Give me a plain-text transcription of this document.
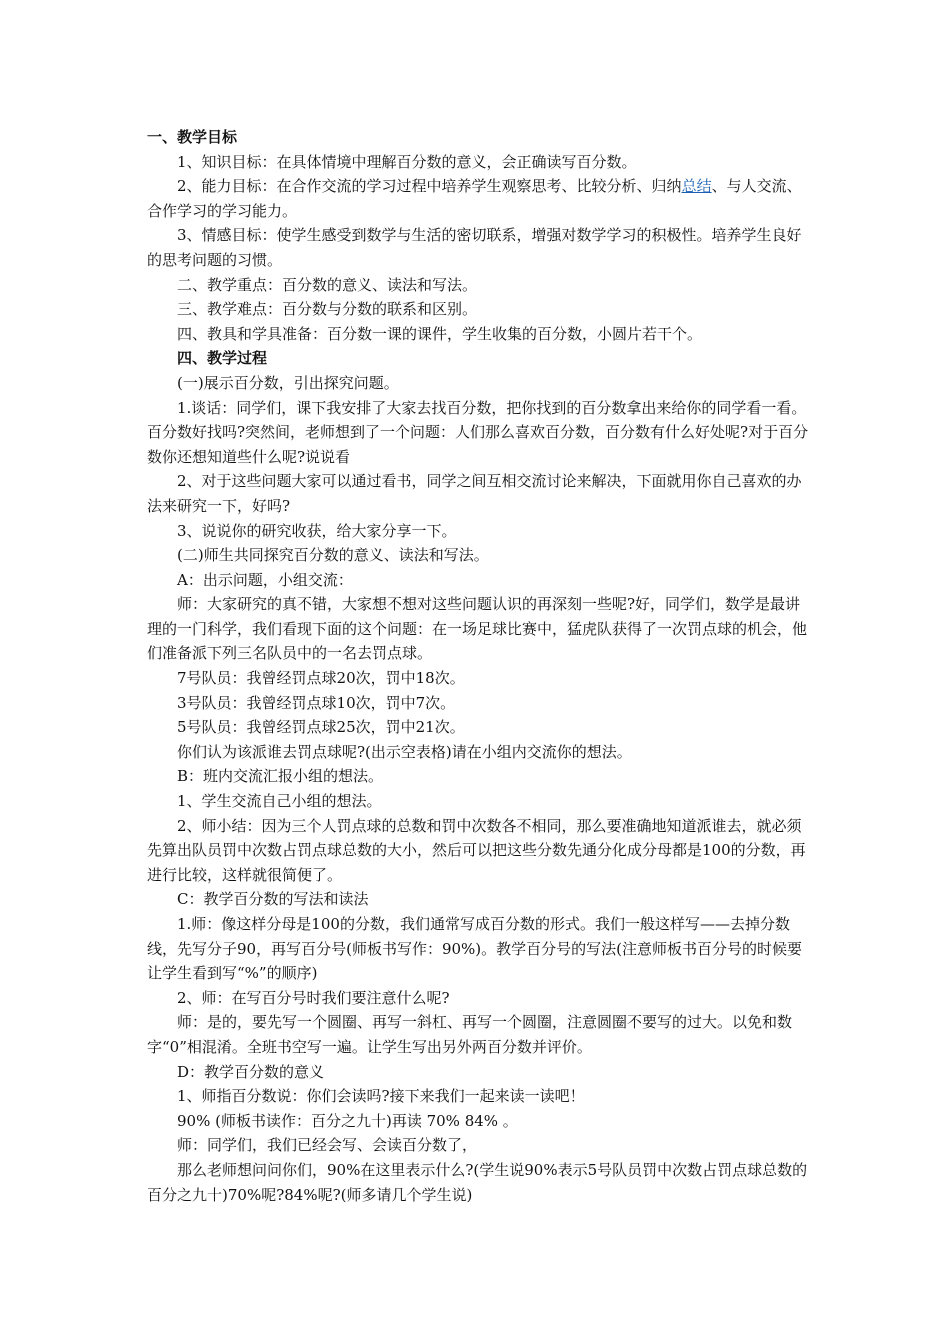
一、教学目标

1、知识目标：在具体情境中理解百分数的意义，会正确读写百分数。

2、能力目标：在合作交流的学习过程中培养学生观察思考、比较分析、归纳总结、与人交流、合作学习的学习能力。

3、情感目标：使学生感受到数学与生活的密切联系，增强对数学学习的积极性。培养学生良好的思考问题的习惯。

二、教学重点：百分数的意义、读法和写法。

三、教学难点：百分数与分数的联系和区别。

四、教具和学具准备：百分数一课的课件，学生收集的百分数，小圆片若干个。

四、教学过程

(一)展示百分数，引出探究问题。

1.谈话：同学们，课下我安排了大家去找百分数，把你找到的百分数拿出来给你的同学看一看。百分数好找吗?突然间，老师想到了一个问题：人们那么喜欢百分数，百分数有什么好处呢?对于百分数你还想知道些什么呢?说说看

2、对于这些问题大家可以通过看书，同学之间互相交流讨论来解决，下面就用你自己喜欢的办法来研究一下，好吗?

3、说说你的研究收获，给大家分享一下。

(二)师生共同探究百分数的意义、读法和写法。

A：出示问题，小组交流：

师：大家研究的真不错，大家想不想对这些问题认识的再深刻一些呢?好，同学们，数学是最讲理的一门科学，我们看现下面的这个问题：在一场足球比赛中，猛虎队获得了一次罚点球的机会，他们准备派下列三名队员中的一名去罚点球。

7号队员：我曾经罚点球20次，罚中18次。

3号队员：我曾经罚点球10次，罚中7次。

5号队员：我曾经罚点球25次，罚中21次。

你们认为该派谁去罚点球呢?(出示空表格)请在小组内交流你的想法。

B：班内交流汇报小组的想法。

1、学生交流自己小组的想法。

2、师小结：因为三个人罚点球的总数和罚中次数各不相同，那么要准确地知道派谁去，就必须先算出队员罚中次数占罚点球总数的大小，然后可以把这些分数先通分化成分母都是100的分数，再进行比较，这样就很简便了。

C：教学百分数的写法和读法

1.师：像这样分母是100的分数，我们通常写成百分数的形式。我们一般这样写——去掉分数线，先写分子90，再写百分号(师板书写作：90%)。教学百分号的写法(注意师板书百分号的时候要让学生看到写“%”的顺序)

2、师：在写百分号时我们要注意什么呢?

师：是的，要先写一个圆圈、再写一斜杠、再写一个圆圈，注意圆圈不要写的过大。以免和数字“0”相混淆。全班书空写一遍。让学生写出另外两百分数并评价。

D：教学百分数的意义

1、师指百分数说：你们会读吗?接下来我们一起来读一读吧！

90% (师板书读作：百分之九十)再读 70% 84% 。

师：同学们，我们已经会写、会读百分数了，

那么老师想问问你们，90%在这里表示什么?(学生说90%表示5号队员罚中次数占罚点球总数的百分之九十)70%呢?84%呢?(师多请几个学生说)
